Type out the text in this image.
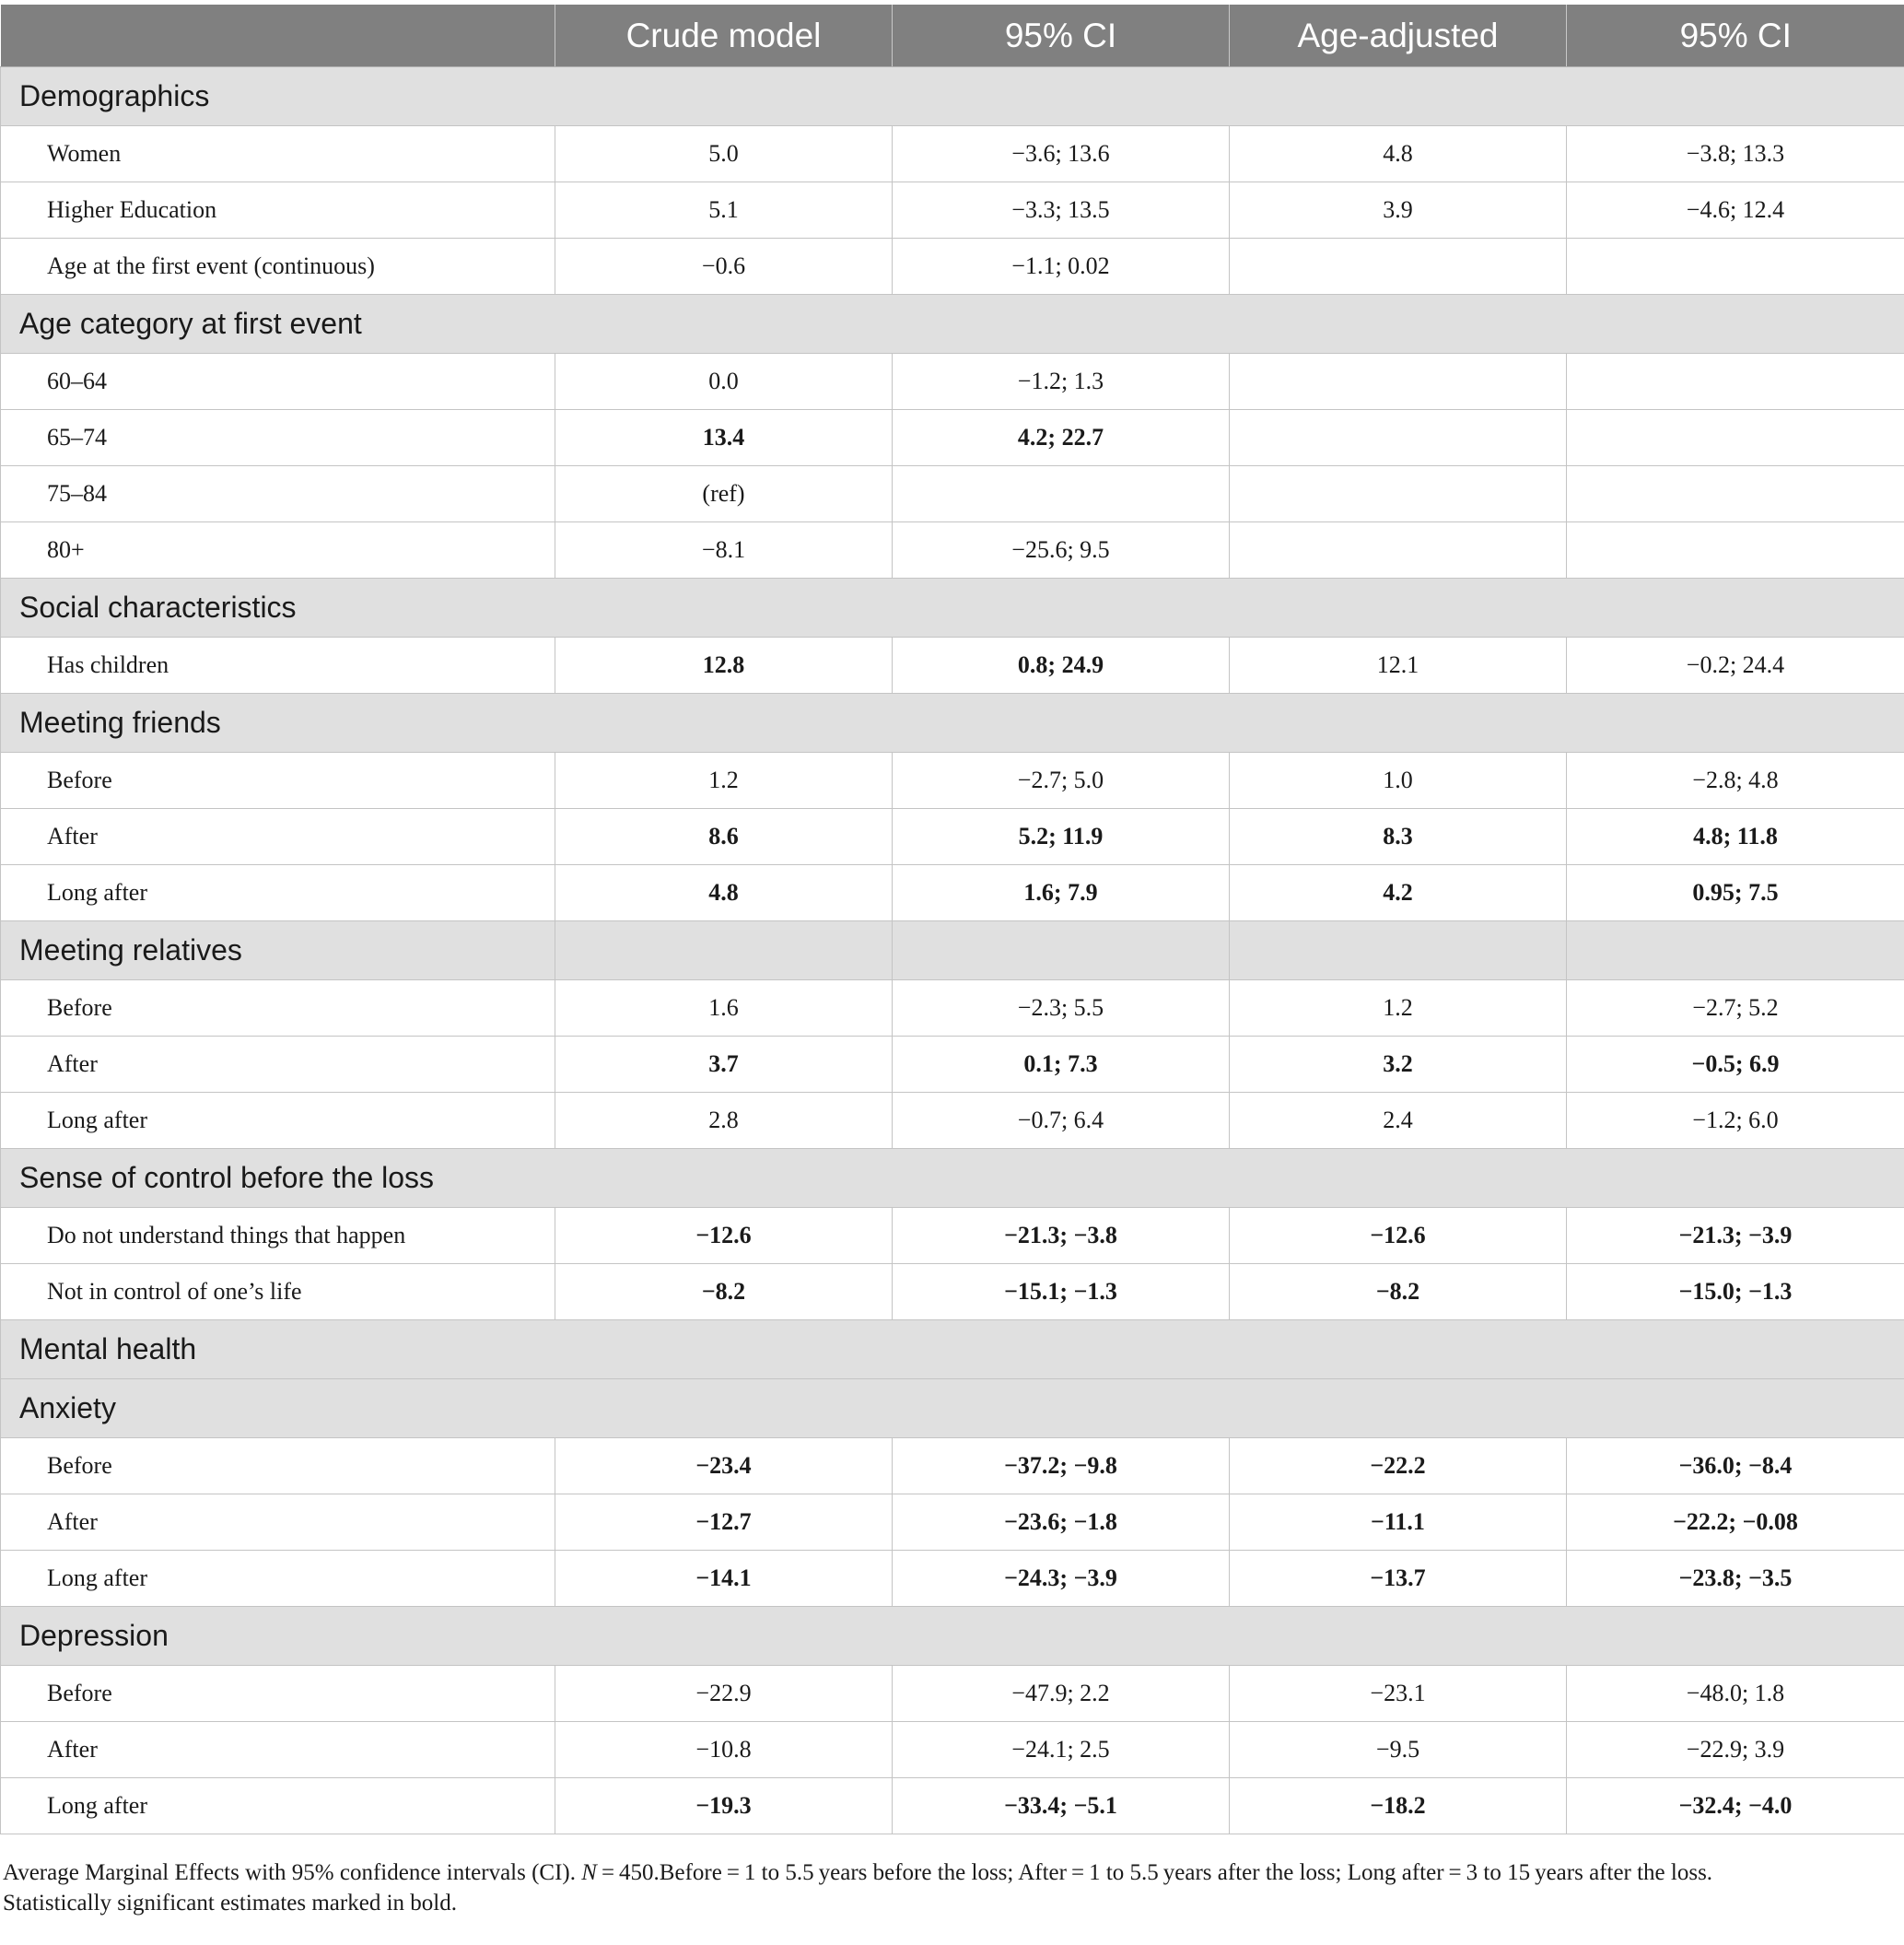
	Crude model	95% CI	Age-adjusted	95% CI
Demographics				
Women	5.0	−3.6; 13.6	4.8	−3.8; 13.3
Higher Education	5.1	−3.3; 13.5	3.9	−4.6; 12.4
Age at the first event (continuous)	−0.6	−1.1; 0.02		
Age category at first event				
60–64	0.0	−1.2; 1.3		
65–74	13.4	4.2; 22.7		
75–84	(ref)			
80+	−8.1	−25.6; 9.5		
Social characteristics				
Has children	12.8	0.8; 24.9	12.1	−0.2; 24.4
Meeting friends				
Before	1.2	−2.7; 5.0	1.0	−2.8; 4.8
After	8.6	5.2; 11.9	8.3	4.8; 11.8
Long after	4.8	1.6; 7.9	4.2	0.95; 7.5
Meeting relatives				
Before	1.6	−2.3; 5.5	1.2	−2.7; 5.2
After	3.7	0.1; 7.3	3.2	−0.5; 6.9
Long after	2.8	−0.7; 6.4	2.4	−1.2; 6.0
Sense of control before the loss				
Do not understand things that happen	−12.6	−21.3; −3.8	−12.6	−21.3; −3.9
Not in control of one’s life	−8.2	−15.1; −1.3	−8.2	−15.0; −1.3
Mental health				
Anxiety				
Before	−23.4	−37.2; −9.8	−22.2	−36.0; −8.4
After	−12.7	−23.6; −1.8	−11.1	−22.2; −0.08
Long after	−14.1	−24.3; −3.9	−13.7	−23.8; −3.5
Depression				
Before	−22.9	−47.9; 2.2	−23.1	−48.0; 1.8
After	−10.8	−24.1; 2.5	−9.5	−22.9; 3.9
Long after	−19.3	−33.4; −5.1	−18.2	−32.4; −4.0

Average Marginal Effects with 95% confidence intervals (CI). N = 450.Before = 1 to 5.5 years before the loss; After = 1 to 5.5 years after the loss; Long after = 3 to 15 years after the loss.
Statistically significant estimates marked in bold.
